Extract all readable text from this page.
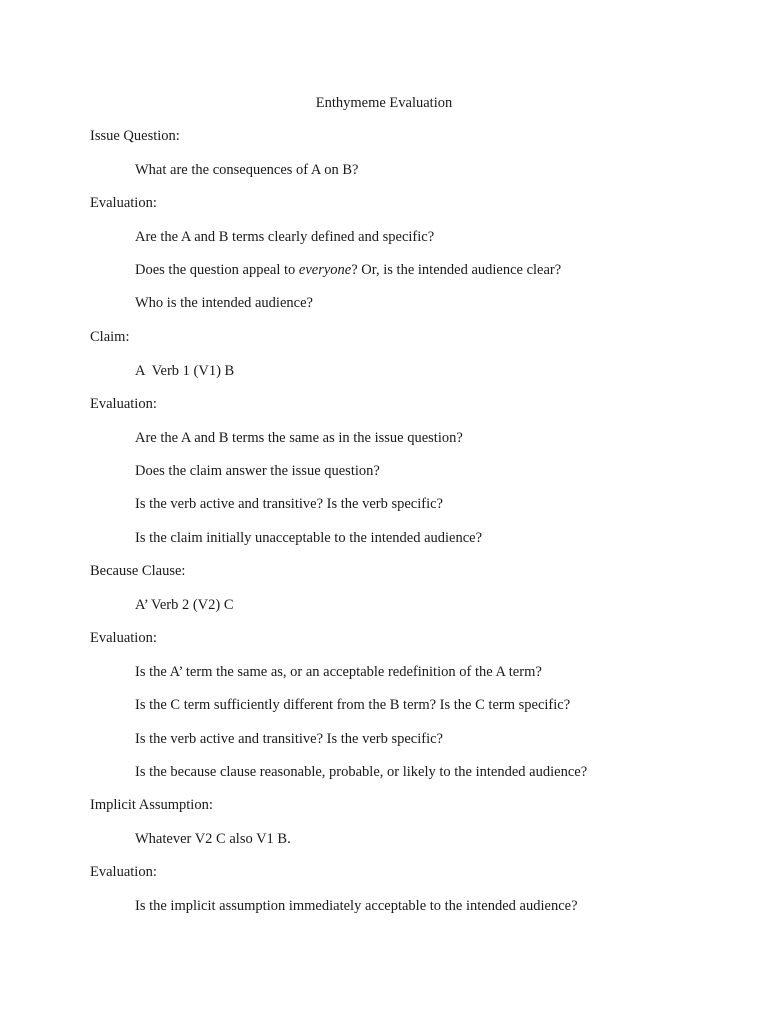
Enthymeme Evaluation
Issue Question:
What are the consequences of A on B?
Evaluation:
Are the A and B terms clearly defined and specific?
Does the question appeal to everyone? Or, is the intended audience clear?
Who is the intended audience?
Claim:
A  Verb 1 (V1) B
Evaluation:
Are the A and B terms the same as in the issue question?
Does the claim answer the issue question?
Is the verb active and transitive? Is the verb specific?
Is the claim initially unacceptable to the intended audience?
Because Clause:
A’ Verb 2 (V2) C
Evaluation:
Is the A’ term the same as, or an acceptable redefinition of the A term?
Is the C term sufficiently different from the B term? Is the C term specific?
Is the verb active and transitive? Is the verb specific?
Is the because clause reasonable, probable, or likely to the intended audience?
Implicit Assumption:
Whatever V2 C also V1 B.
Evaluation:
Is the implicit assumption immediately acceptable to the intended audience?
